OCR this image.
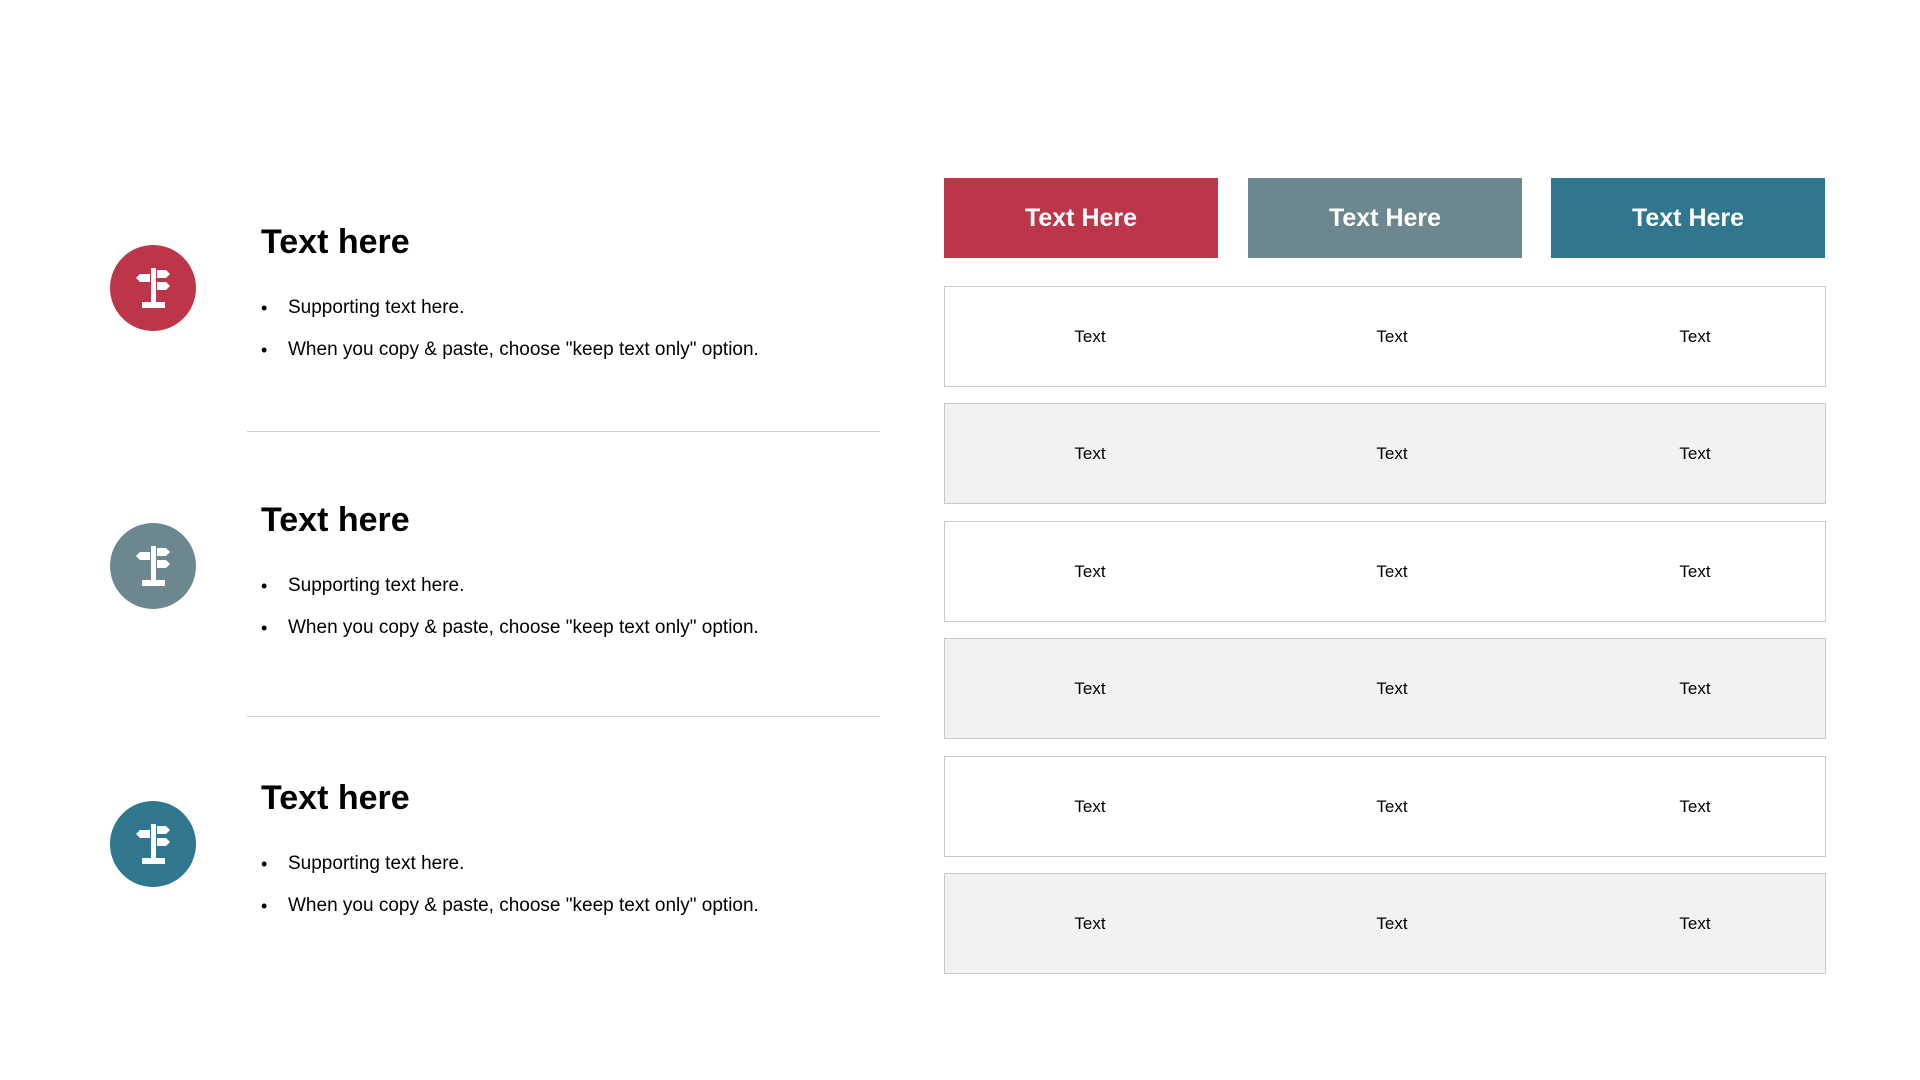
Text here
• Supporting text here.
• When you copy & paste, choose "keep text only" option.
Text here
• Supporting text here.
• When you copy & paste, choose "keep text only" option.
Text here
• Supporting text here.
• When you copy & paste, choose "keep text only" option.
Text Here	Text Here	Text Here
Text	Text	Text
Text	Text	Text
Text	Text	Text
Text	Text	Text
Text	Text	Text
Text	Text	Text
